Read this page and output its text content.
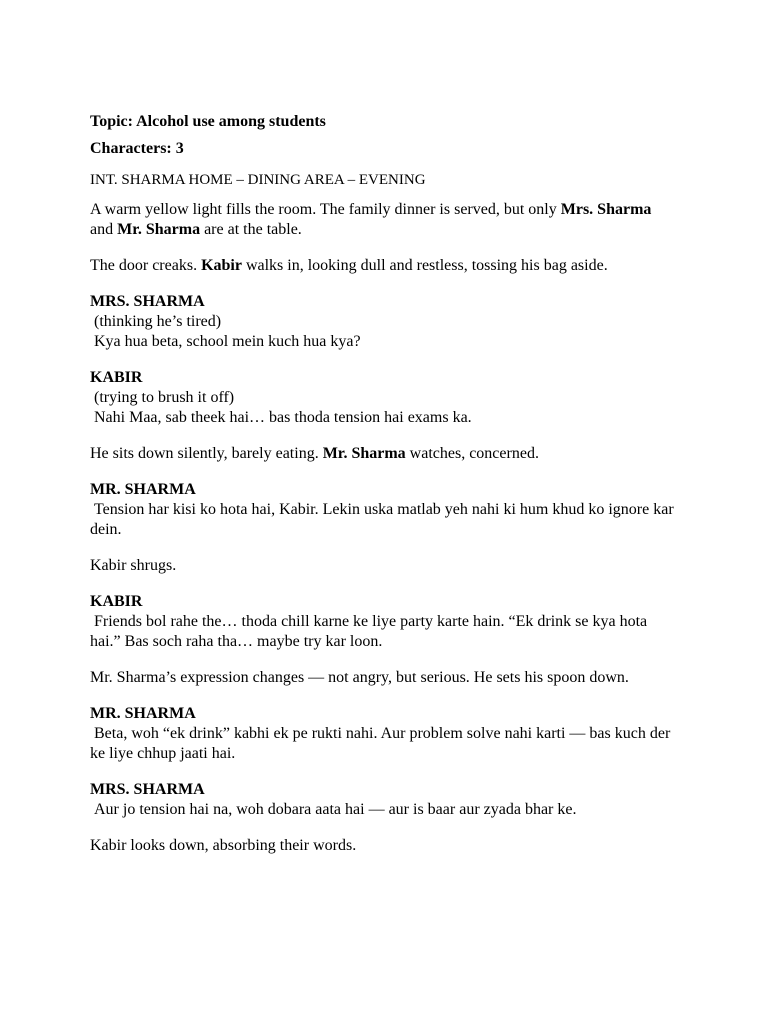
Topic: Alcohol use among students

Characters: 3

INT. SHARMA HOME – DINING AREA – EVENING

A warm yellow light fills the room. The family dinner is served, but only Mrs. Sharma and Mr. Sharma are at the table.

The door creaks. Kabir walks in, looking dull and restless, tossing his bag aside.

MRS. SHARMA

(thinking he’s tired)

Kya hua beta, school mein kuch hua kya?

KABIR

(trying to brush it off)

Nahi Maa, sab theek hai… bas thoda tension hai exams ka.

He sits down silently, barely eating. Mr. Sharma watches, concerned.

MR. SHARMA

Tension har kisi ko hota hai, Kabir. Lekin uska matlab yeh nahi ki hum khud ko ignore kar dein.

Kabir shrugs.

KABIR

Friends bol rahe the… thoda chill karne ke liye party karte hain. “Ek drink se kya hota hai.” Bas soch raha tha… maybe try kar loon.

Mr. Sharma’s expression changes — not angry, but serious. He sets his spoon down.

MR. SHARMA

Beta, woh “ek drink” kabhi ek pe rukti nahi. Aur problem solve nahi karti — bas kuch der ke liye chhup jaati hai.

MRS. SHARMA

Aur jo tension hai na, woh dobara aata hai — aur is baar aur zyada bhar ke.

Kabir looks down, absorbing their words.
